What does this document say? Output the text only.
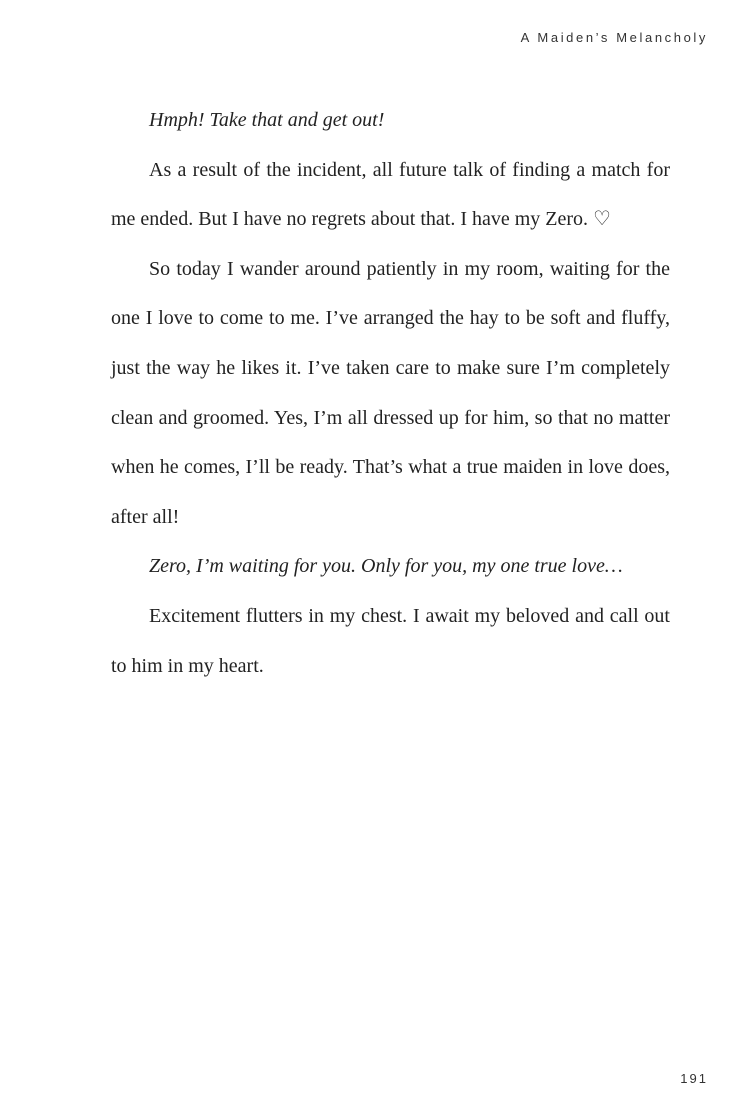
A Maiden’s Melancholy

Hmph! Take that and get out!

As a result of the incident, all future talk of finding a match for me ended. But I have no regrets about that. I have my Zero. ♡

So today I wander around patiently in my room, waiting for the one I love to come to me. I’ve arranged the hay to be soft and fluffy, just the way he likes it. I’ve taken care to make sure I’m completely clean and groomed. Yes, I’m all dressed up for him, so that no matter when he comes, I’ll be ready. That’s what a true maiden in love does, after all!

Zero, I’m waiting for you. Only for you, my one true love…

Excitement flutters in my chest. I await my beloved and call out to him in my heart.

191
